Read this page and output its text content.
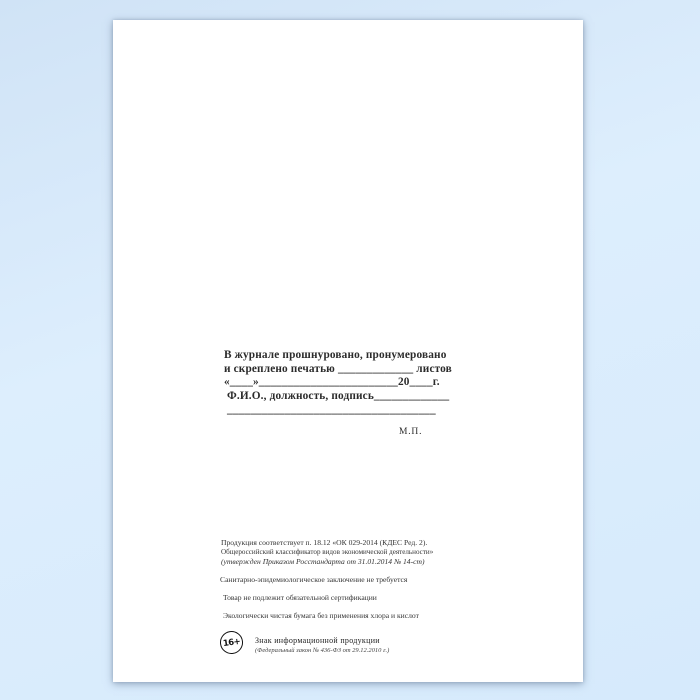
В журнале прошнуровано, пронумеровано
и скреплено печатью _____________ листов
«____»________________________20____г.
Ф.И.О., должность, подпись_____________
____________________________________
М.П.
Продукция соответствует п. 18.12 «ОК 029-2014 (КДЕС Ред. 2).
Общероссийский классификатор видов экономической деятельности»
(утвержден Приказом Росстандарта от 31.01.2014 № 14-ст)
Санитарно-эпидемиологическое заключение не требуется
Товар не подлежит обязательной сертификации
Экологически чистая бумага без применения хлора и кислот
16+ Знак информационной продукции
(Федеральный закон № 436-ФЗ от 29.12.2010 г.)
